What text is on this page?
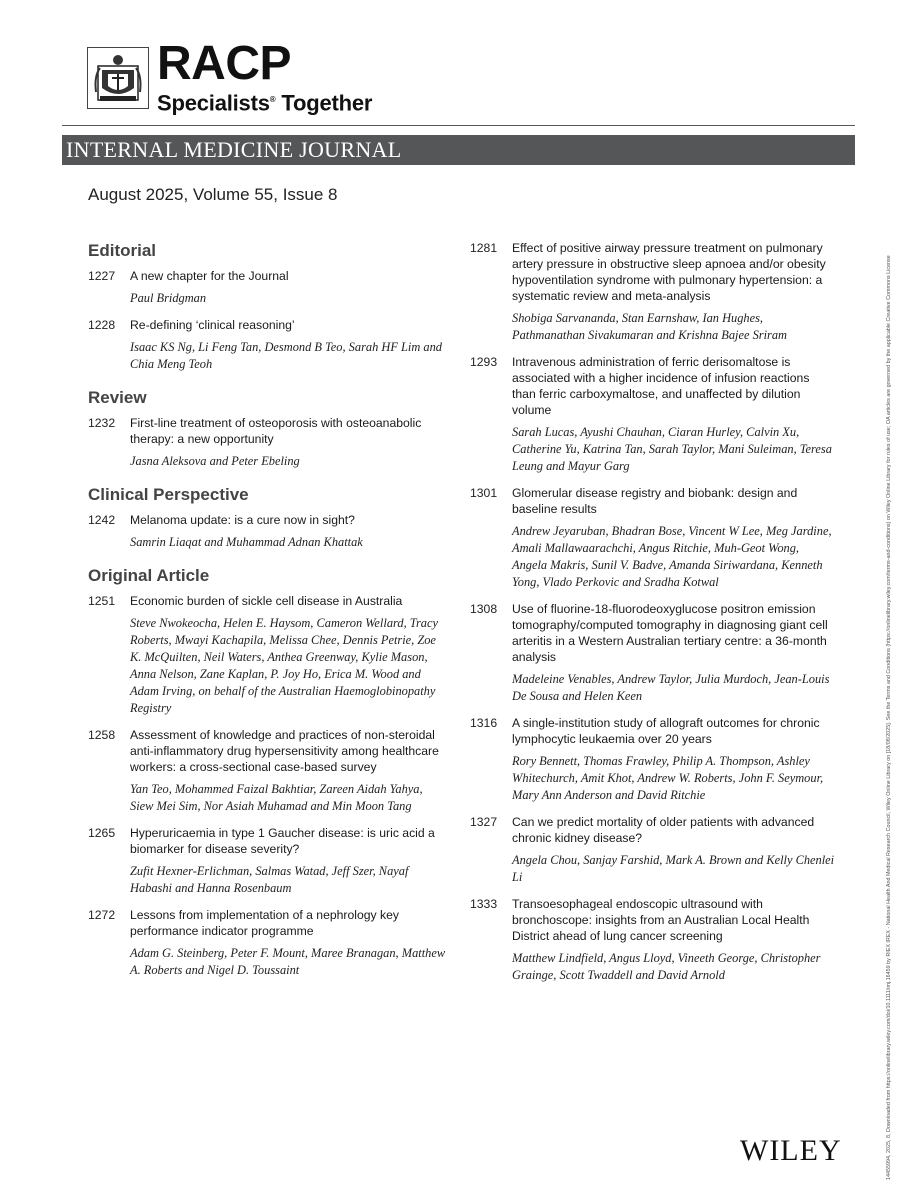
RACP
Specialists® Together
INTERNAL MEDICINE JOURNAL
August 2025, Volume 55, Issue 8
Editorial
1227	A new chapter for the Journal
Paul Bridgman
1228	Re-defining ‘clinical reasoning’
Isaac KS Ng, Li Feng Tan, Desmond B Teo, Sarah HF Lim and Chia Meng Teoh
Review
1232	First-line treatment of osteoporosis with osteoanabolic therapy: a new opportunity
Jasna Aleksova and Peter Ebeling
Clinical Perspective
1242	Melanoma update: is a cure now in sight?
Samrin Liaqat and Muhammad Adnan Khattak
Original Article
1251	Economic burden of sickle cell disease in Australia
Steve Nwokeocha, Helen E. Haysom, Cameron Wellard, Tracy Roberts, Mwayi Kachapila, Melissa Chee, Dennis Petrie, Zoe K. McQuilten, Neil Waters, Anthea Greenway, Kylie Mason, Anna Nelson, Zane Kaplan, P. Joy Ho, Erica M. Wood and Adam Irving, on behalf of the Australian Haemoglobinopathy Registry
1258	Assessment of knowledge and practices of non-steroidal anti-inflammatory drug hypersensitivity among healthcare workers: a cross-sectional case-based survey
Yan Teo, Mohammed Faizal Bakhtiar, Zareen Aidah Yahya, Siew Mei Sim, Nor Asiah Muhamad and Min Moon Tang
1265	Hyperuricaemia in type 1 Gaucher disease: is uric acid a biomarker for disease severity?
Zufit Hexner-Erlichman, Salmas Watad, Jeff Szer, Nayaf Habashi and Hanna Rosenbaum
1272	Lessons from implementation of a nephrology key performance indicator programme
Adam G. Steinberg, Peter F. Mount, Maree Branagan, Matthew A. Roberts and Nigel D. Toussaint
1281	Effect of positive airway pressure treatment on pulmonary artery pressure in obstructive sleep apnoea and/or obesity hypoventilation syndrome with pulmonary hypertension: a systematic review and meta-analysis
Shobiga Sarvananda, Stan Earnshaw, Ian Hughes, Pathmanathan Sivakumaran and Krishna Bajee Sriram
1293	Intravenous administration of ferric derisomaltose is associated with a higher incidence of infusion reactions than ferric carboxymaltose, and unaffected by dilution volume
Sarah Lucas, Ayushi Chauhan, Ciaran Hurley, Calvin Xu, Catherine Yu, Katrina Tan, Sarah Taylor, Mani Suleiman, Teresa Leung and Mayur Garg
1301	Glomerular disease registry and biobank: design and baseline results
Andrew Jeyaruban, Bhadran Bose, Vincent W Lee, Meg Jardine, Amali Mallawaarachchi, Angus Ritchie, Muh-Geot Wong, Angela Makris, Sunil V. Badve, Amanda Siriwardana, Kenneth Yong, Vlado Perkovic and Sradha Kotwal
1308	Use of fluorine-18-fluorodeoxyglucose positron emission tomography/computed tomography in diagnosing giant cell arteritis in a Western Australian tertiary centre: a 36-month analysis
Madeleine Venables, Andrew Taylor, Julia Murdoch, Jean-Louis De Sousa and Helen Keen
1316	A single-institution study of allograft outcomes for chronic lymphocytic leukaemia over 20 years
Rory Bennett, Thomas Frawley, Philip A. Thompson, Ashley Whitechurch, Amit Khot, Andrew W. Roberts, John F. Seymour, Mary Ann Anderson and David Ritchie
1327	Can we predict mortality of older patients with advanced chronic kidney disease?
Angela Chou, Sanjay Farshid, Mark A. Brown and Kelly Chenlei Li
1333	Transoesophageal endoscopic ultrasound with bronchoscope: insights from an Australian Local Health District ahead of lung cancer screening
Matthew Lindfield, Angus Lloyd, Vineeth George, Christopher Grainge, Scott Twaddell and David Arnold	14455994, 2025, 8, Downloaded from https://onlinelibrary.wiley.com/doi/10.1111/imj.16459 by RIEX IREX - National Health And Medical Research Council, Wiley Online Library on [18/08/2025]. See the Terms and Conditions (https://onlinelibrary.wiley.com/terms-and-conditions) on Wiley Online Library for rules of use; OA articles are governed by the applicable Creative Commons License
WILEY
